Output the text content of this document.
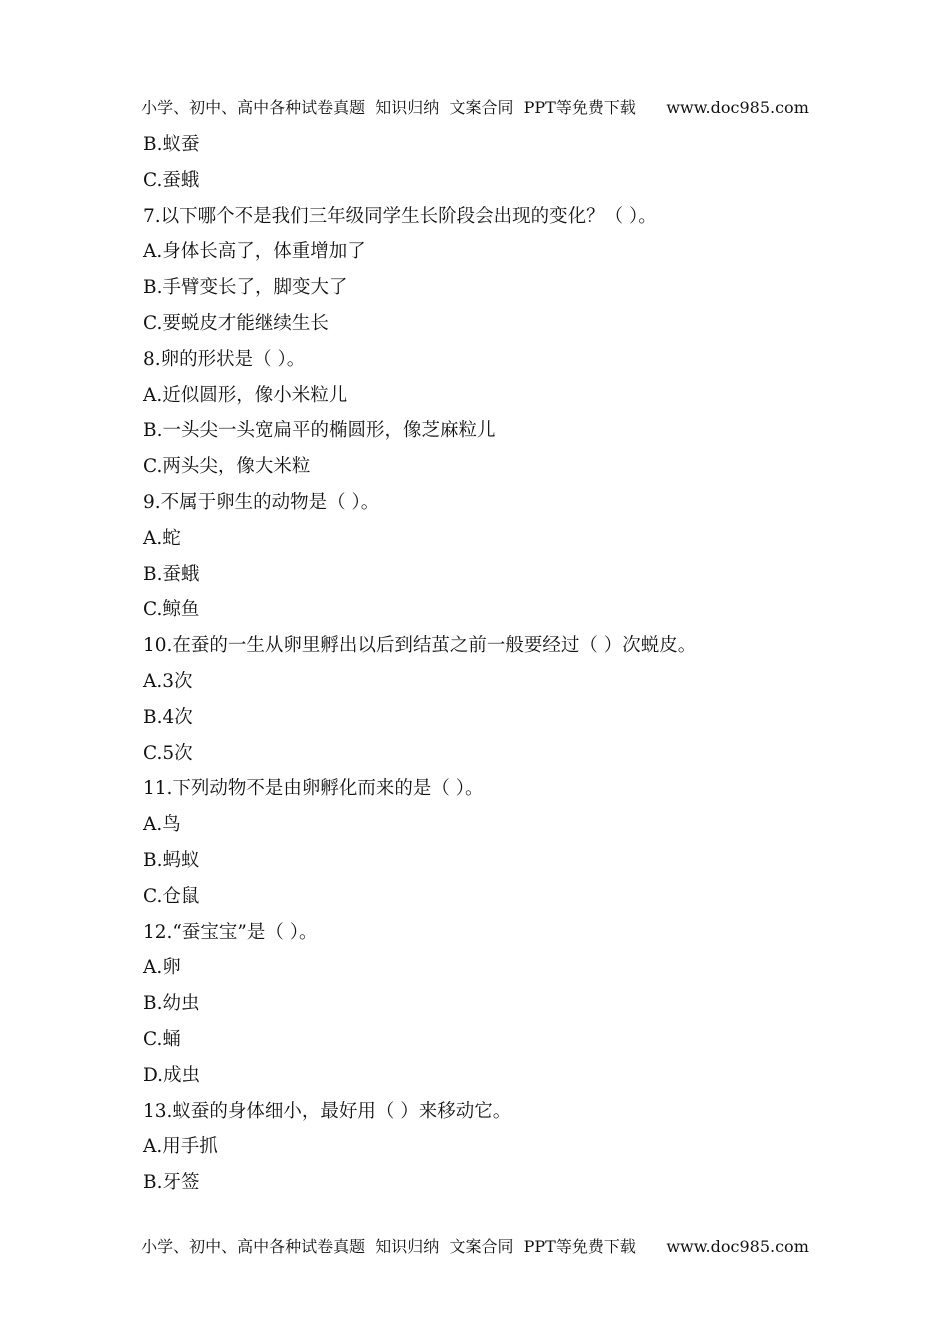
小学、初中、高中各种试卷真题  知识归纳  文案合同  PPT等免费下载      www.doc985.com
B.蚁蚕
C.蚕蛾
7.以下哪个不是我们三年级同学生长阶段会出现的变化？（ ）。
A.身体长高了，体重增加了
B.手臂变长了，脚变大了
C.要蜕皮才能继续生长
8.卵的形状是（ ）。
A.近似圆形，像小米粒儿
B.一头尖一头宽扁平的椭圆形，像芝麻粒儿
C.两头尖，像大米粒
9.不属于卵生的动物是（ ）。
A.蛇
B.蚕蛾
C.鲸鱼
10.在蚕的一生从卵里孵出以后到结茧之前一般要经过（ ）次蜕皮。
A.3次
B.4次
C.5次
11.下列动物不是由卵孵化而来的是（ ）。
A.鸟
B.蚂蚁
C.仓鼠
12.“蚕宝宝”是（ ）。
A.卵
B.幼虫
C.蛹
D.成虫
13.蚁蚕的身体细小，最好用（ ）来移动它。
A.用手抓
B.牙签
小学、初中、高中各种试卷真题  知识归纳  文案合同  PPT等免费下载      www.doc985.com
